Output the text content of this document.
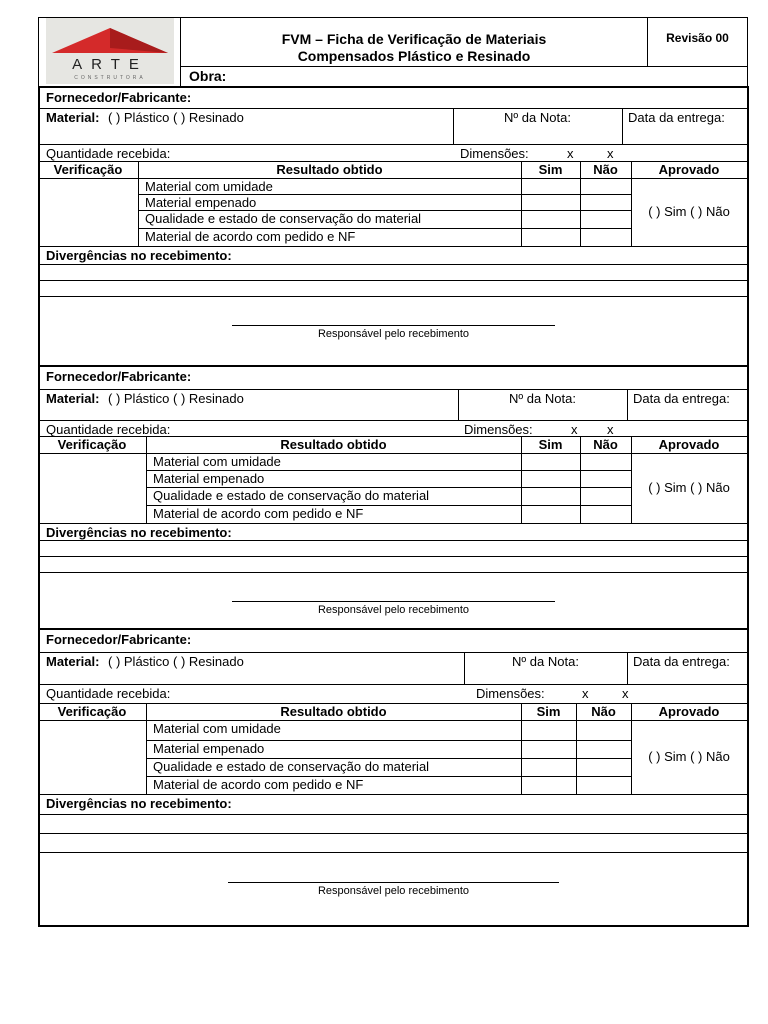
ARTE
CONSTRUTORA
FVM – Ficha de Verificação de Materiais
Compensados Plástico e Resinado
Revisão 00
Obra:
Fornecedor/Fabricante:
Material: ( ) Plástico ( ) Resinado	Nº da Nota:	Data da entrega:
Quantidade recebida:	Dimensões:	x	x
Verificação	Resultado obtido	Sim	Não	Aprovado
Material com umidade
Material empenado
Qualidade e estado de conservação do material
Material de acordo com pedido e NF
( ) Sim ( ) Não
Divergências no recebimento:
Responsável pelo recebimento
Fornecedor/Fabricante:
Material: ( ) Plástico ( ) Resinado	Nº da Nota:	Data da entrega:
Quantidade recebida:	Dimensões:	x x
Verificação	Resultado obtido	Sim	Não	Aprovado
Material com umidade
Material empenado
Qualidade e estado de conservação do material
Material de acordo com pedido e NF
( ) Sim ( ) Não
Divergências no recebimento:
Responsável pelo recebimento
Fornecedor/Fabricante:
Material: ( ) Plástico ( ) Resinado	Nº da Nota:	Data da entrega:
Quantidade recebida:	Dimensões:	x	x
Verificação	Resultado obtido	Sim	Não	Aprovado
Material com umidade
Material empenado
Qualidade e estado de conservação do material
Material de acordo com pedido e NF
( ) Sim ( ) Não
Divergências no recebimento:
Responsável pelo recebimento
